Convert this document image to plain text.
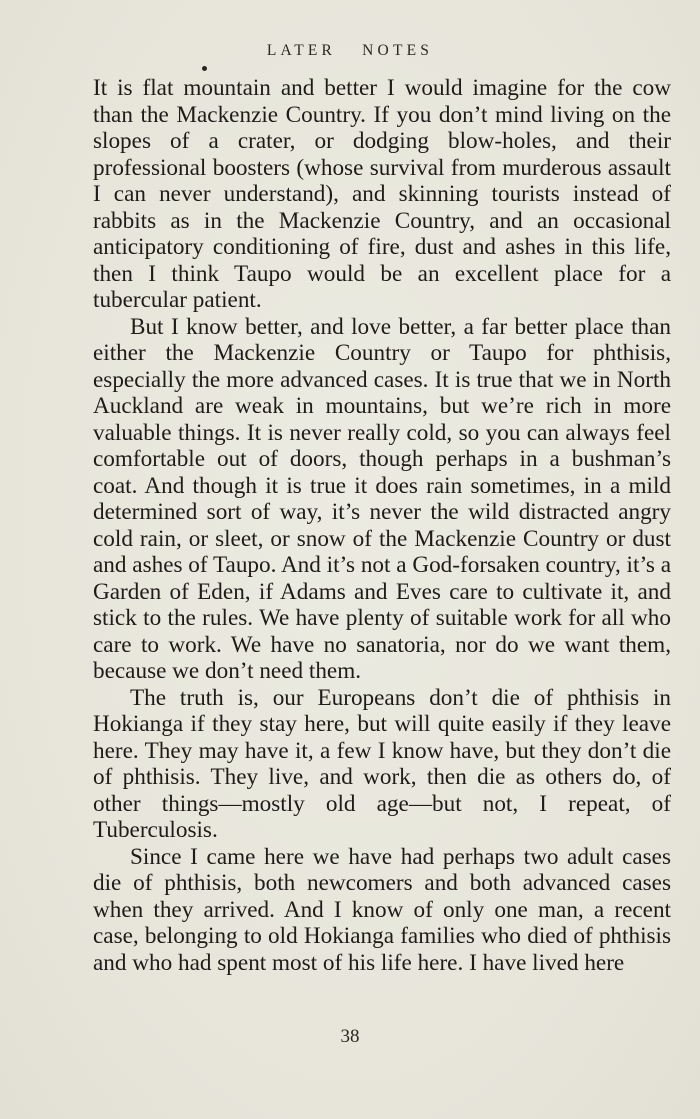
LATER NOTES

It is flat mountain and better I would imagine for the cow than the Mackenzie Country. If you don’t mind living on the slopes of a crater, or dodging blow-holes, and their professional boosters (whose survival from murderous assault I can never understand), and skinning tourists instead of rabbits as in the Mackenzie Country, and an occasional anticipatory conditioning of fire, dust and ashes in this life, then I think Taupo would be an excellent place for a tubercular patient.

But I know better, and love better, a far better place than either the Mackenzie Country or Taupo for phthisis, especially the more advanced cases. It is true that we in North Auckland are weak in mountains, but we’re rich in more valuable things. It is never really cold, so you can always feel comfortable out of doors, though perhaps in a bushman’s coat. And though it is true it does rain sometimes, in a mild determined sort of way, it’s never the wild distracted angry cold rain, or sleet, or snow of the Mackenzie Country or dust and ashes of Taupo. And it’s not a God-forsaken country, it’s a Garden of Eden, if Adams and Eves care to cultivate it, and stick to the rules. We have plenty of suitable work for all who care to work. We have no sanatoria, nor do we want them, because we don’t need them.

The truth is, our Europeans don’t die of phthisis in Hokianga if they stay here, but will quite easily if they leave here. They may have it, a few I know have, but they don’t die of phthisis. They live, and work, then die as others do, of other things—mostly old age—but not, I repeat, of Tuberculosis.

Since I came here we have had perhaps two adult cases die of phthisis, both newcomers and both advanced cases when they arrived. And I know of only one man, a recent case, belonging to old Hokianga families who died of phthisis and who had spent most of his life here. I have lived here

38
